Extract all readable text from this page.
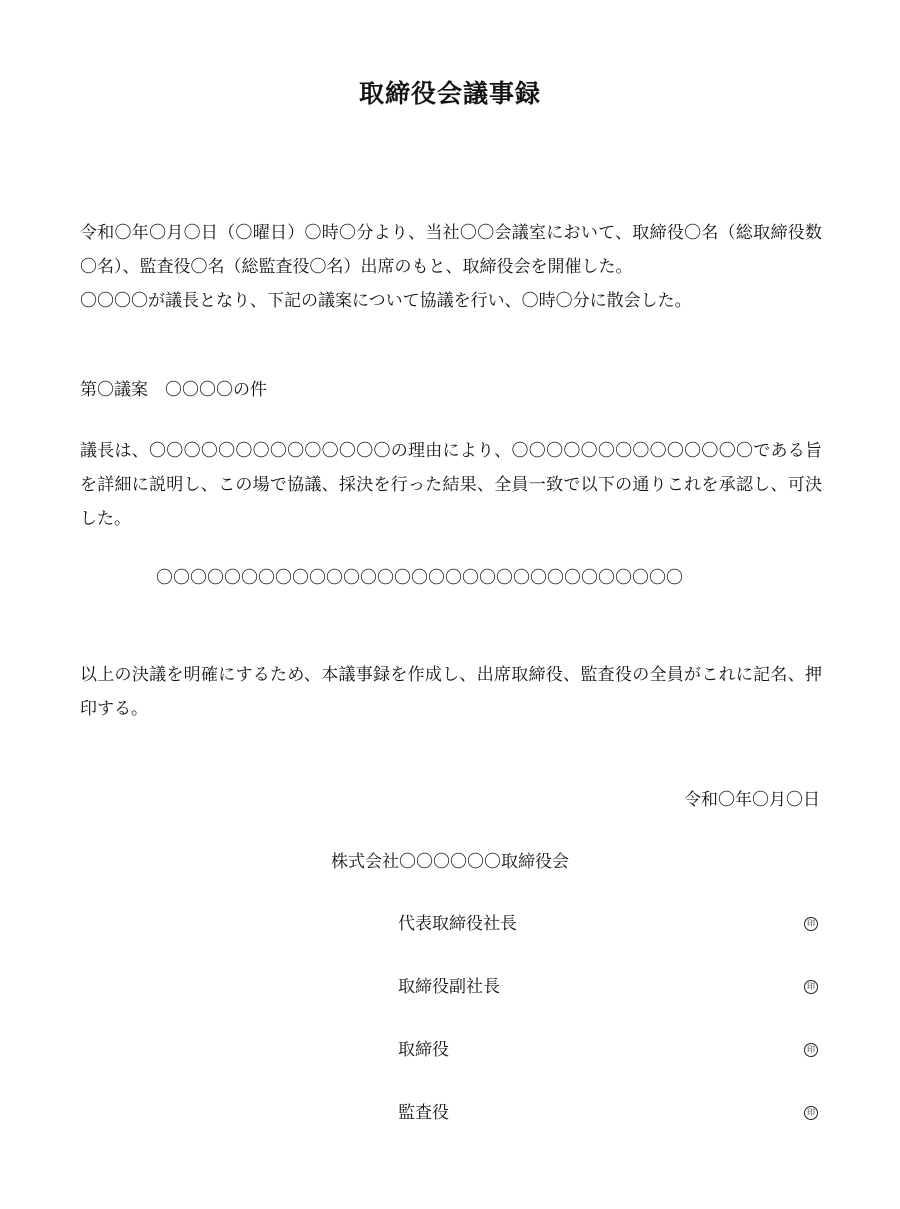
取締役会議事録

令和〇年〇月〇日（〇曜日）〇時〇分より、当社〇〇会議室において、取締役〇名（総取締役数〇名）、監査役〇名（総監査役〇名）出席のもと、取締役会を開催した。

〇〇〇〇が議長となり、下記の議案について協議を行い、〇時〇分に散会した。

第〇議案　〇〇〇〇の件

議長は、〇〇〇〇〇〇〇〇〇〇〇〇〇〇の理由により、〇〇〇〇〇〇〇〇〇〇〇〇〇〇である旨を詳細に説明し、この場で協議、採決を行った結果、全員一致で以下の通りこれを承認し、可決した。

〇〇〇〇〇〇〇〇〇〇〇〇〇〇〇〇〇〇〇〇〇〇〇〇〇〇〇〇〇〇〇

以上の決議を明確にするため、本議事録を作成し、出席取締役、監査役の全員がこれに記名、押印する。

令和〇年〇月〇日
株式会社〇〇〇〇〇〇取締役会
代表取締役社長	印
取締役副社長	印
取締役	印
監査役	印
